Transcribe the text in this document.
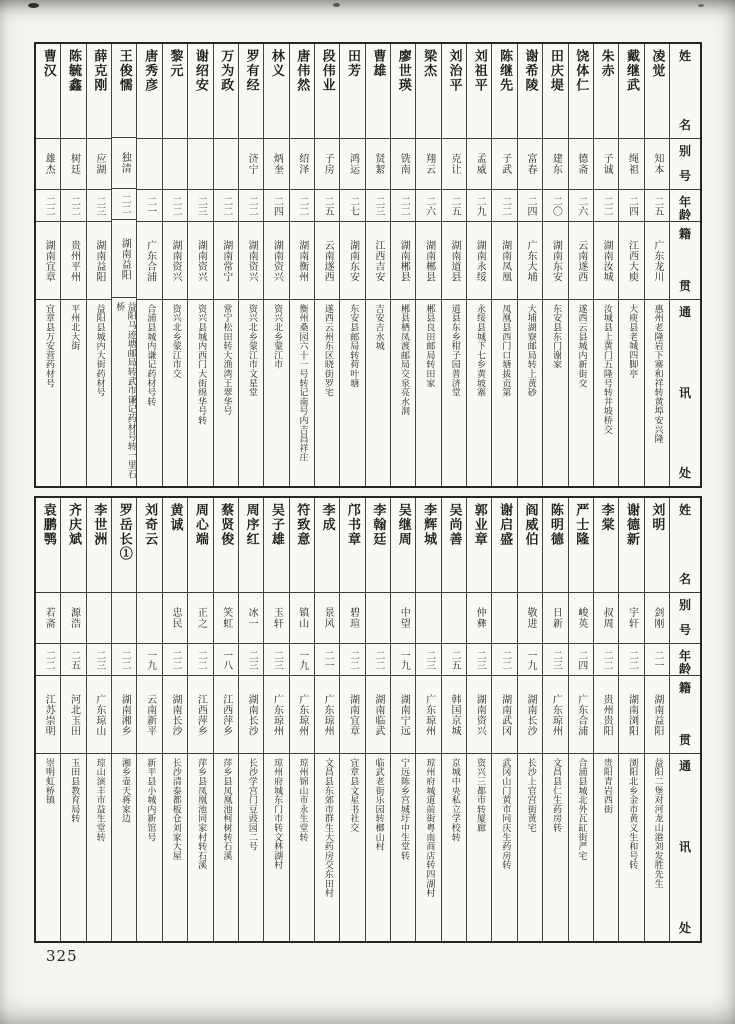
姓
名
别
号
年
龄
籍
贯
通
讯
处
凌觉
知本
二五
广东龙川
惠州老隆岩下寨和祥转黄埠安兴隆
戴继武
绳祖
二四
江西大庾
大庾县老城四脚亭
朱赤
子诚
二二
湖南汝城
汝城县上黄门五隆号转井坡桥交
饶体仁
德斋
二六
云南遂西
遂西云县城内新街交
田庆堤
建东
二〇
湖南东安
东安县东门谢家
谢希陵
富春
二四
广东大埔
大埔湖寮邮局转上黄砂
陈继先
子武
二二
湖南凤凰
凤凰县西门口塘拔贡第
刘祖平
孟威
二九
湖南永绥
永绥县城下七乡黄坡寨
刘治平
克让
二五
湖南道县
道县东乡柑子园普济堂
梁杰
翔云
二六
湖南郴县
郴县良田邮局转田家
廖世瑛
铣南
二二
湖南郴县
郴县栖凤渡邮局交泉亮水洞
曹雄
贤絜
二三
江西吉安
吉安吉水城
田芳
鸿运
二七
湖南东安
东安县邮局转荷叶塘
段伟业
子房
二五
云南遂西
遂西云州东区晓街罗宅
唐伟然
绍泽
二二
湖南衡州
衡州桑园六十一号转记南号内吉昌祥庄
林义
炳奎
二四
湖南资兴
资兴北乡蒙江市
罗有经
济宁
二二
湖南资兴
资兴北乡蒙江市文星堂
万为政
二二
湖南常宁
常宁松田转大渔湾王翠华号
谢绍安
二三
湖南资兴
资兴县城内西门大街绵华号转
黎元
二二
湖南资兴
资兴北乡蒙江市交
唐秀彦
二一
广东合浦
合浦县城内谦记药材号转
王俊懦
独清
二二
湖南益阳
益阳马迹塘邮局转武市谦记药材号转一里石桥
薛克刚
应湖
二三
湖南益阳
益阳县城内大街药材号
陈毓鑫
树廷
二二
贵州平州
平州北大街
曹汉
雄杰
二二
湖南宜章
宜章县万安营药材号
姓
名
别
号
年
龄
籍
贯
通
讯
处
刘明
剑刚
二一
湖南益阳
益阳二堡对河龙山港刘发胜先生
谢德新
宇轩
二二
湖南浏阳
浏阳北乡金市黄义生和号转
李棠
叔周
二二
贵州贵阳
贵阳青岩西街
严士隆
峻英
二四
广东合浦
合浦县城北外瓦缸街严宅
陈明德
日新
二三
广东琼州
文昌县仁生药房转
阎威伯
敬进
一九
湖南长沙
长沙上官宫街黄宅
谢启盛
二二
湖南武冈
武冈山门黄市同庆生药房转
郭业章
仲彝
二三
湖南资兴
资兴三都市转厦廊
吴尚善
二五
韩国京城
京城中央私立学校转
李辉城
二三
广东琼州
琼州府城道前街粤南商店转四湖村
吴继周
中望
一九
湖南宁远
宁远陈乡宫城圩中生堂转
李翰廷
二二
湖南临武
临武老街乐园转榔山村
邝书章
碧瑄
二二
湖南宜章
宜章县文星书社交
李成
景风
二一
广东琼州
文昌县东郊市群生大药房交东田村
符致意
镇山
一九
广东琼州
琼州锦山市永生堂转
吴子雄
玉轩
二三
广东琼州
琼州府城东门市转文林湖村
周序红
冰一
二三
湖南长沙
长沙学宫门豆豉园二号
蔡贤俊
笑虹
一八
江西萍乡
萍乡县凤凰池柯树转石溪
周心端
正之
二二
江西萍乡
萍乡县凤凰池同家村转石溪
黄诚
忠民
二二
湖南长沙
长沙清泰都板仓刘家大屋
刘奇云
一九
云南新平
新平县小城内新馆号
罗岳长①
二二
湖南湘乡
湘乡壶天蒋家边
李世洲
二三
广东琼山
琼山演丰市益生堂转
齐庆斌
源浩
二五
河北玉田
玉田县教育局转
袁鹏鹗
若斋
二二
江苏崇明
崇明虹桥镇
325
